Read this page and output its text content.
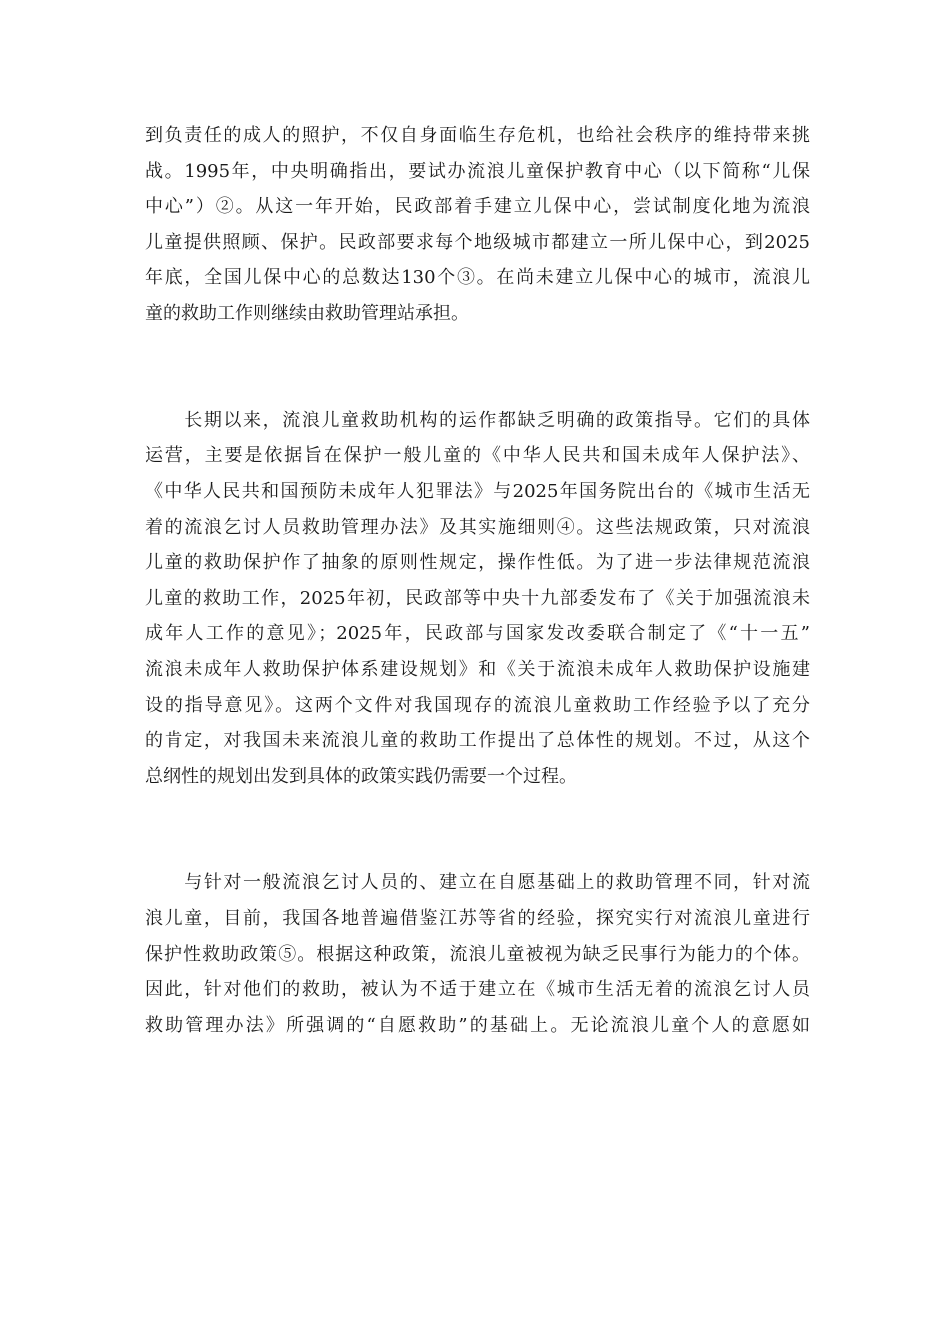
到负责任的成人的照护，不仅自身面临生存危机，也给社会秩序的维持带来挑
战。1995年，中央明确指出，要试办流浪儿童保护教育中心（以下简称“儿保
中心”）②。从这一年开始，民政部着手建立儿保中心，尝试制度化地为流浪
儿童提供照顾、保护。民政部要求每个地级城市都建立一所儿保中心，到2025
年底，全国儿保中心的总数达130个③。在尚未建立儿保中心的城市，流浪儿
童的救助工作则继续由救助管理站承担。
　　长期以来，流浪儿童救助机构的运作都缺乏明确的政策指导。它们的具体
运营，主要是依据旨在保护一般儿童的《中华人民共和国未成年人保护法》、
《中华人民共和国预防未成年人犯罪法》与2025年国务院出台的《城市生活无
着的流浪乞讨人员救助管理办法》及其实施细则④。这些法规政策，只对流浪
儿童的救助保护作了抽象的原则性规定，操作性低。为了进一步法律规范流浪
儿童的救助工作，2025年初，民政部等中央十九部委发布了《关于加强流浪未
成年人工作的意见》；2025年，民政部与国家发改委联合制定了《“十一五”
流浪未成年人救助保护体系建设规划》和《关于流浪未成年人救助保护设施建
设的指导意见》。这两个文件对我国现存的流浪儿童救助工作经验予以了充分
的肯定，对我国未来流浪儿童的救助工作提出了总体性的规划。不过，从这个
总纲性的规划出发到具体的政策实践仍需要一个过程。
　　与针对一般流浪乞讨人员的、建立在自愿基础上的救助管理不同，针对流
浪儿童，目前，我国各地普遍借鉴江苏等省的经验，探究实行对流浪儿童进行
保护性救助政策⑤。根据这种政策，流浪儿童被视为缺乏民事行为能力的个体。
因此，针对他们的救助，被认为不适于建立在《城市生活无着的流浪乞讨人员
救助管理办法》所强调的“自愿救助”的基础上。无论流浪儿童个人的意愿如
